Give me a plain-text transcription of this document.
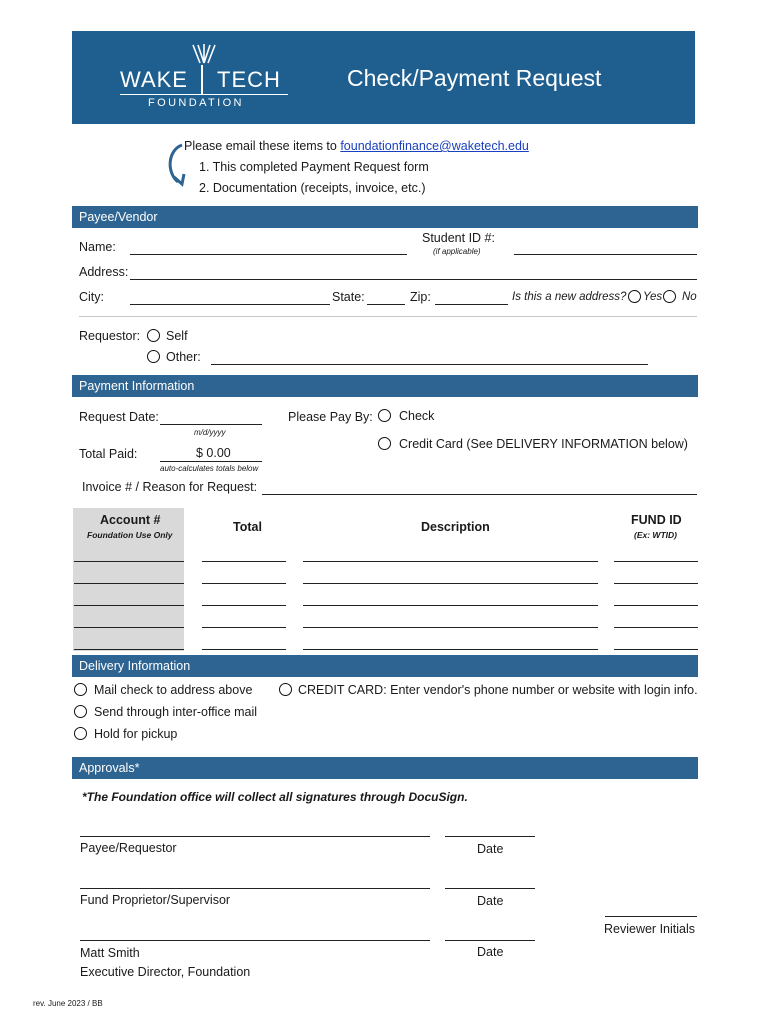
WAKE TECH
FOUNDATION
Check/Payment Request
Please email these items to foundationfinance@waketech.edu
1. This completed Payment Request form
2. Documentation (receipts, invoice, etc.)
Payee/Vendor
Name:
Student ID #:
(if applicable)
Address:
City:	State:	Zip:	Is this a new address? Yes No
Requestor: Self
Other:
Payment Information
Request Date:
m/d/yyyy
Please Pay By: Check
Credit Card (See DELIVERY INFORMATION below)
Total Paid:	$ 0.00
auto-calculates totals below
Invoice # / Reason for Request:
Account #
Foundation Use Only
Total	Description	FUND ID
(Ex: WTID)
Delivery Information
Mail check to address above	CREDIT CARD: Enter vendor's phone number or website with login info.
Send through inter-office mail
Hold for pickup
Approvals*
*The Foundation office will collect all signatures through DocuSign.
Payee/Requestor	Date
Fund Proprietor/Supervisor	Date
Reviewer Initials
Matt Smith	Date
Executive Director, Foundation
rev. June 2023 / BB
